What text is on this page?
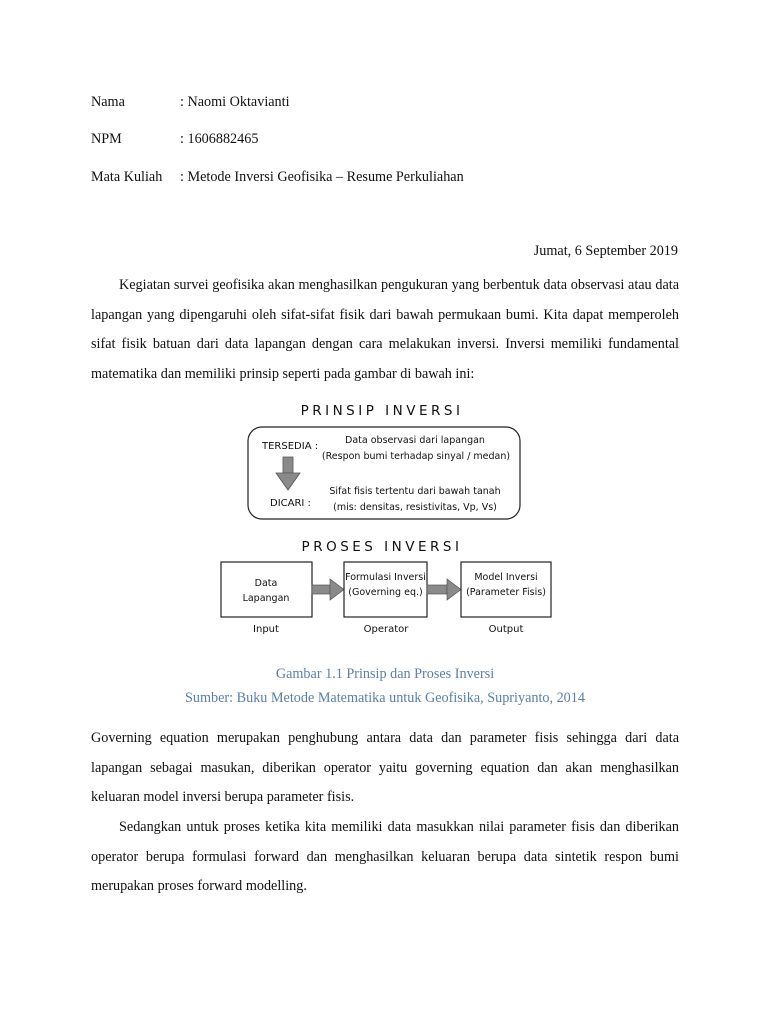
Nama	: Naomi Oktavianti
NPM	: 1606882465
Mata Kuliah : Metode Inversi Geofisika – Resume Perkuliahan
Jumat, 6 September 2019

Kegiatan survei geofisika akan menghasilkan pengukuran yang berbentuk data observasi atau data lapangan yang dipengaruhi oleh sifat-sifat fisik dari bawah permukaan bumi. Kita dapat memperoleh sifat fisik batuan dari data lapangan dengan cara melakukan inversi. Inversi memiliki fundamental matematika dan memiliki prinsip seperti pada gambar di bawah ini:

PRINSIP INVERSI
TERSEDIA :
Data observasi dari lapangan
(Respon bumi terhadap sinyal / medan)
DICARI :
Sifat fisis tertentu dari bawah tanah
(mis: densitas, resistivitas, Vp, Vs)
PROSES INVERSI
Data
Lapangan
Formulasi Inversi
(Governing eq.)
Model Inversi
(Parameter Fisis)
Input	Operator	Output
Gambar 1.1 Prinsip dan Proses Inversi
Sumber: Buku Metode Matematika untuk Geofisika, Supriyanto, 2014

Governing equation merupakan penghubung antara data dan parameter fisis sehingga dari data lapangan sebagai masukan, diberikan operator yaitu governing equation dan akan menghasilkan keluaran model inversi berupa parameter fisis.

Sedangkan untuk proses ketika kita memiliki data masukkan nilai parameter fisis dan diberikan operator berupa formulasi forward dan menghasilkan keluaran berupa data sintetik respon bumi merupakan proses forward modelling.
